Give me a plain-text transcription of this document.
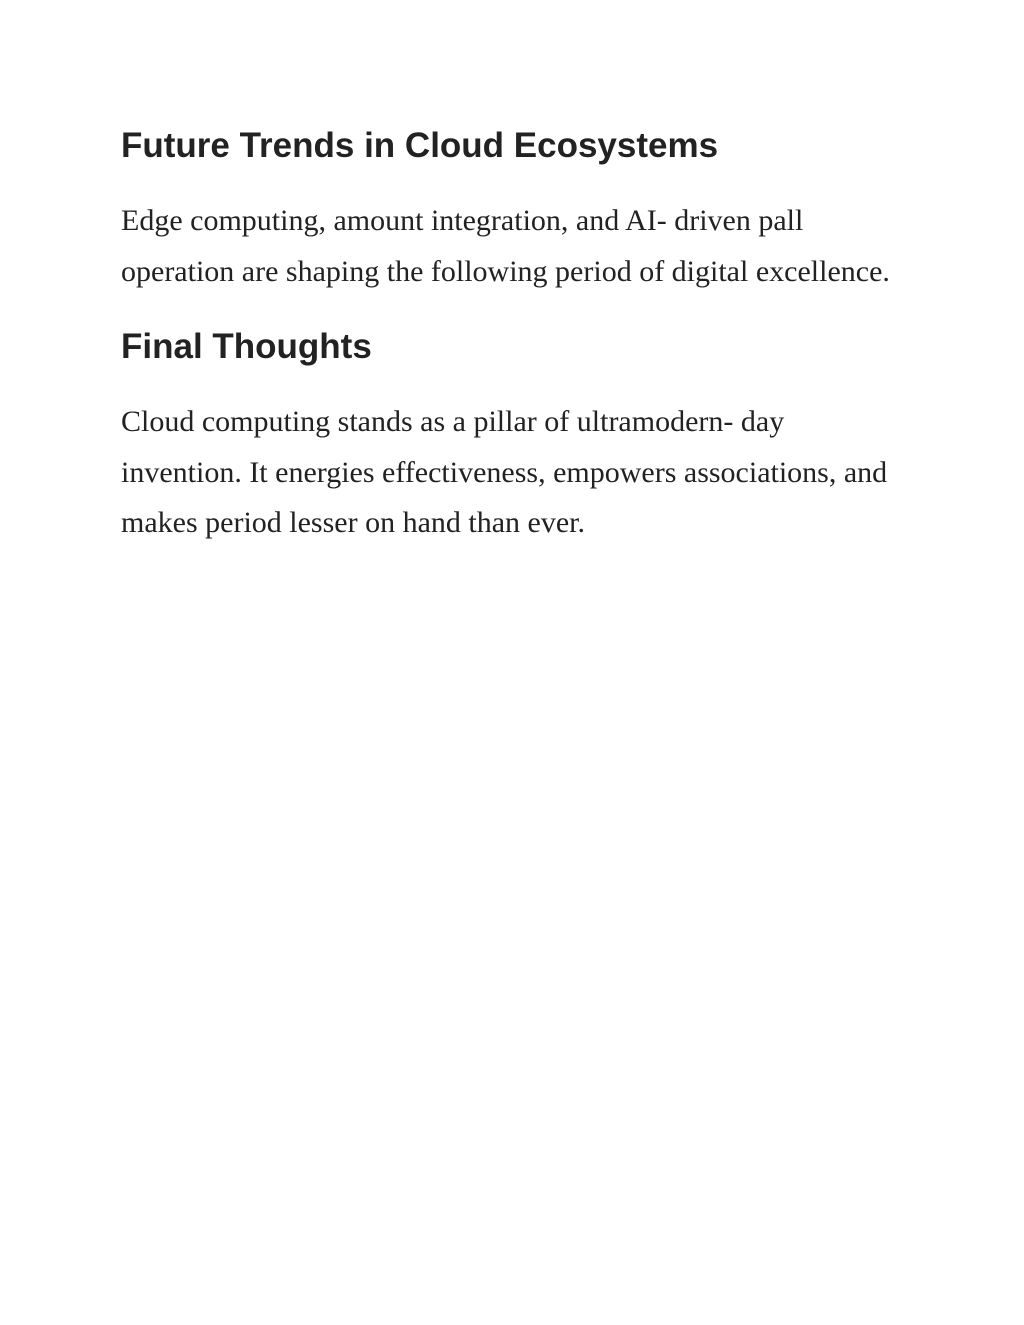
Future Trends in Cloud Ecosystems

Edge computing, amount integration, and AI- driven pall operation are shaping the following period of digital excellence.

Final Thoughts

Cloud computing stands as a pillar of ultramodern- day invention. It energies effectiveness, empowers associations, and makes period lesser on hand than ever.
